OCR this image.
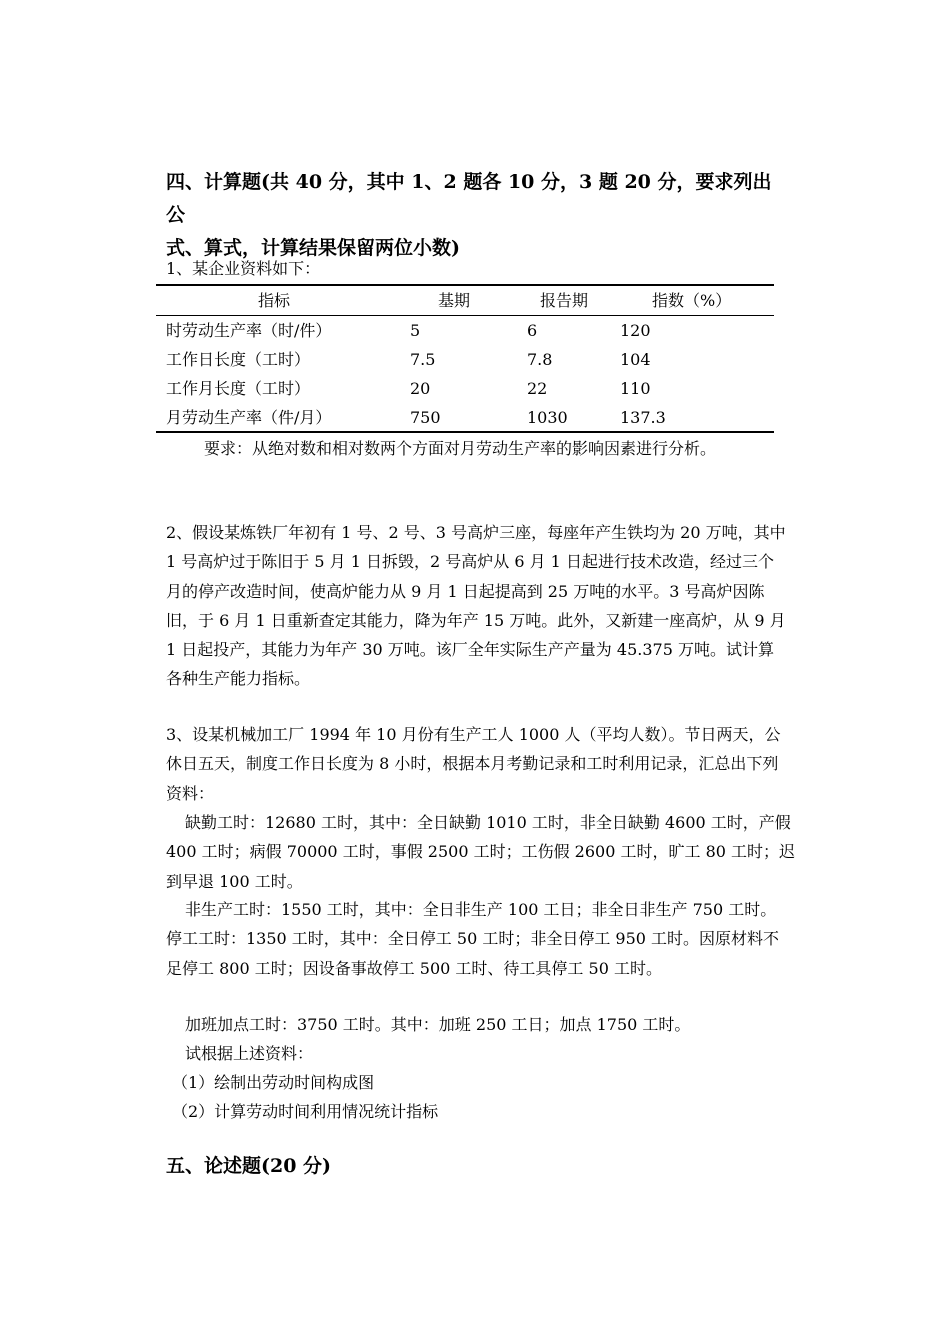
四、计算题(共 40 分，其中 1、2 题各 10 分，3 题 20 分，要求列出公
式、算式，计算结果保留两位小数)
1、某企业资料如下：
指标	基期	报告期	指数（%）
时劳动生产率（时/件）	5	6	120
工作日长度（工时）	7.5	7.8	104
工作月长度（工时）	20	22	110
月劳动生产率（件/月）	750	1030	137.3
要求：从绝对数和相对数两个方面对月劳动生产率的影响因素进行分析。
2、假设某炼铁厂年初有 1 号、2 号、3 号高炉三座，每座年产生铁均为 20 万吨，其中 1 号高炉过于陈旧于 5 月 1 日拆毁，2 号高炉从 6 月 1 日起进行技术改造，经过三个月的停产改造时间，使高炉能力从 9 月 1 日起提高到 25 万吨的水平。3 号高炉因陈旧，于 6 月 1 日重新查定其能力，降为年产 15 万吨。此外，又新建一座高炉，从 9 月 1 日起投产，其能力为年产 30 万吨。该厂全年实际生产产量为 45.375 万吨。试计算各种生产能力指标。
3、设某机械加工厂 1994 年 10 月份有生产工人 1000 人（平均人数）。节日两天，公休日五天，制度工作日长度为 8 小时，根据本月考勤记录和工时利用记录，汇总出下列资料：
缺勤工时：12680 工时，其中：全日缺勤 1010 工时，非全日缺勤 4600 工时，产假 400 工时；病假 70000 工时，事假 2500 工时；工伤假 2600 工时，旷工 80 工时；迟到早退 100 工时。
非生产工时：1550 工时，其中：全日非生产 100 工日；非全日非生产 750 工时。停工工时：1350 工时，其中：全日停工 50 工时；非全日停工 950 工时。因原材料不足停工 800 工时；因设备事故停工 500 工时、待工具停工 50 工时。
加班加点工时：3750 工时。其中：加班 250 工日；加点 1750 工时。
试根据上述资料：
（1）绘制出劳动时间构成图
（2）计算劳动时间利用情况统计指标
五、论述题(20 分)
